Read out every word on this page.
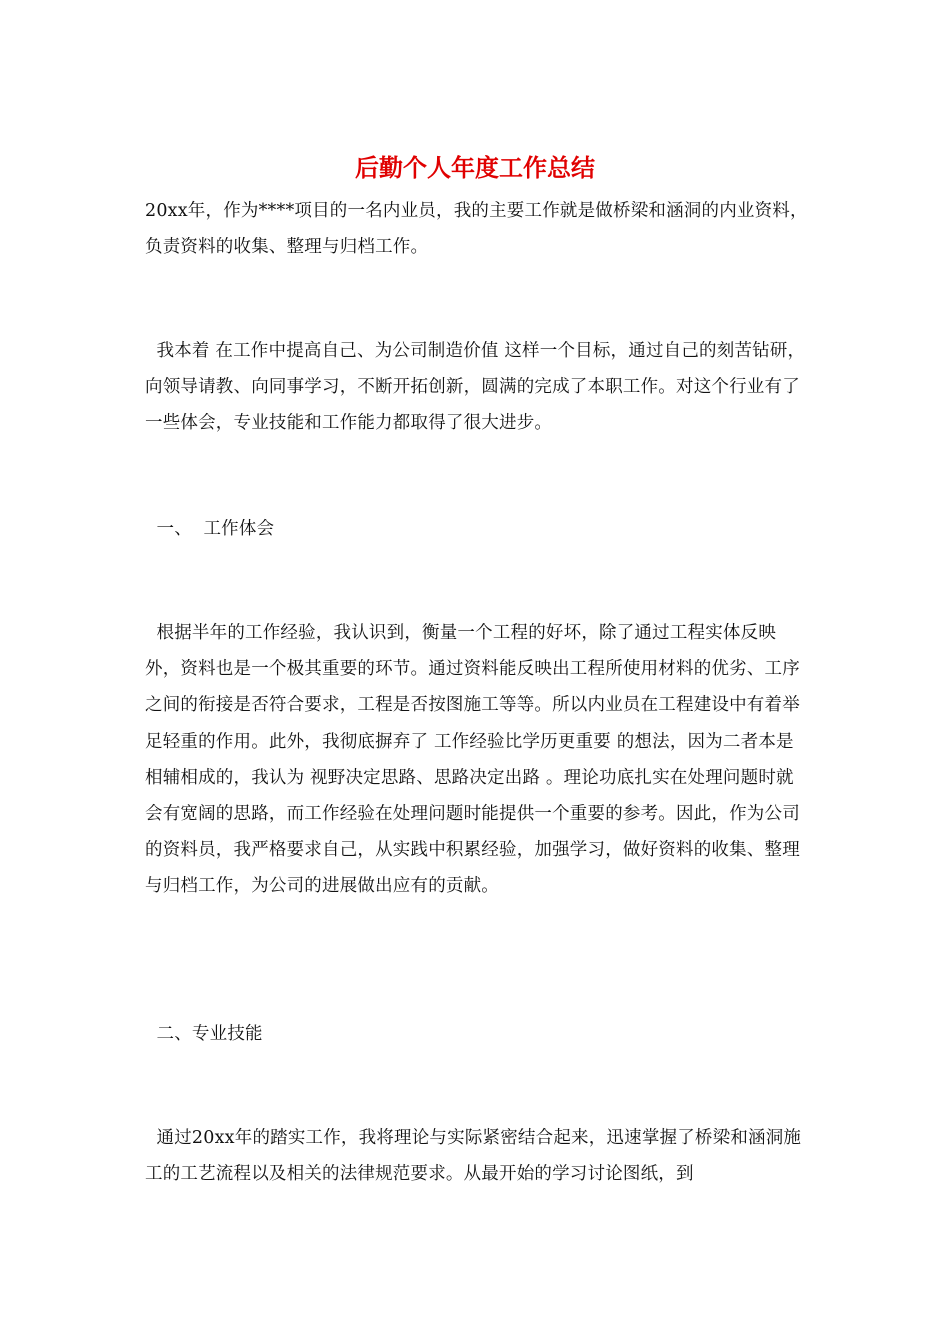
后勤个人年度工作总结
20xx年，作为****项目的一名内业员，我的主要工作就是做桥梁和涵洞的内业资料，负责资料的收集、整理与归档工作。
我本着 在工作中提高自己、为公司制造价值 这样一个目标，通过自己的刻苦钻研，向领导请教、向同事学习，不断开拓创新，圆满的完成了本职工作。对这个行业有了一些体会，专业技能和工作能力都取得了很大进步。
一、  工作体会
根据半年的工作经验，我认识到，衡量一个工程的好坏，除了通过工程实体反映外，资料也是一个极其重要的环节。通过资料能反映出工程所使用材料的优劣、工序之间的衔接是否符合要求，工程是否按图施工等等。所以内业员在工程建设中有着举足轻重的作用。此外，我彻底摒弃了 工作经验比学历更重要 的想法，因为二者本是相辅相成的，我认为 视野决定思路、思路决定出路 。理论功底扎实在处理问题时就会有宽阔的思路，而工作经验在处理问题时能提供一个重要的参考。因此，作为公司的资料员，我严格要求自己，从实践中积累经验，加强学习，做好资料的收集、整理与归档工作，为公司的进展做出应有的贡献。
二、专业技能
通过20xx年的踏实工作，我将理论与实际紧密结合起来，迅速掌握了桥梁和涵洞施工的工艺流程以及相关的法律规范要求。从最开始的学习讨论图纸，到
